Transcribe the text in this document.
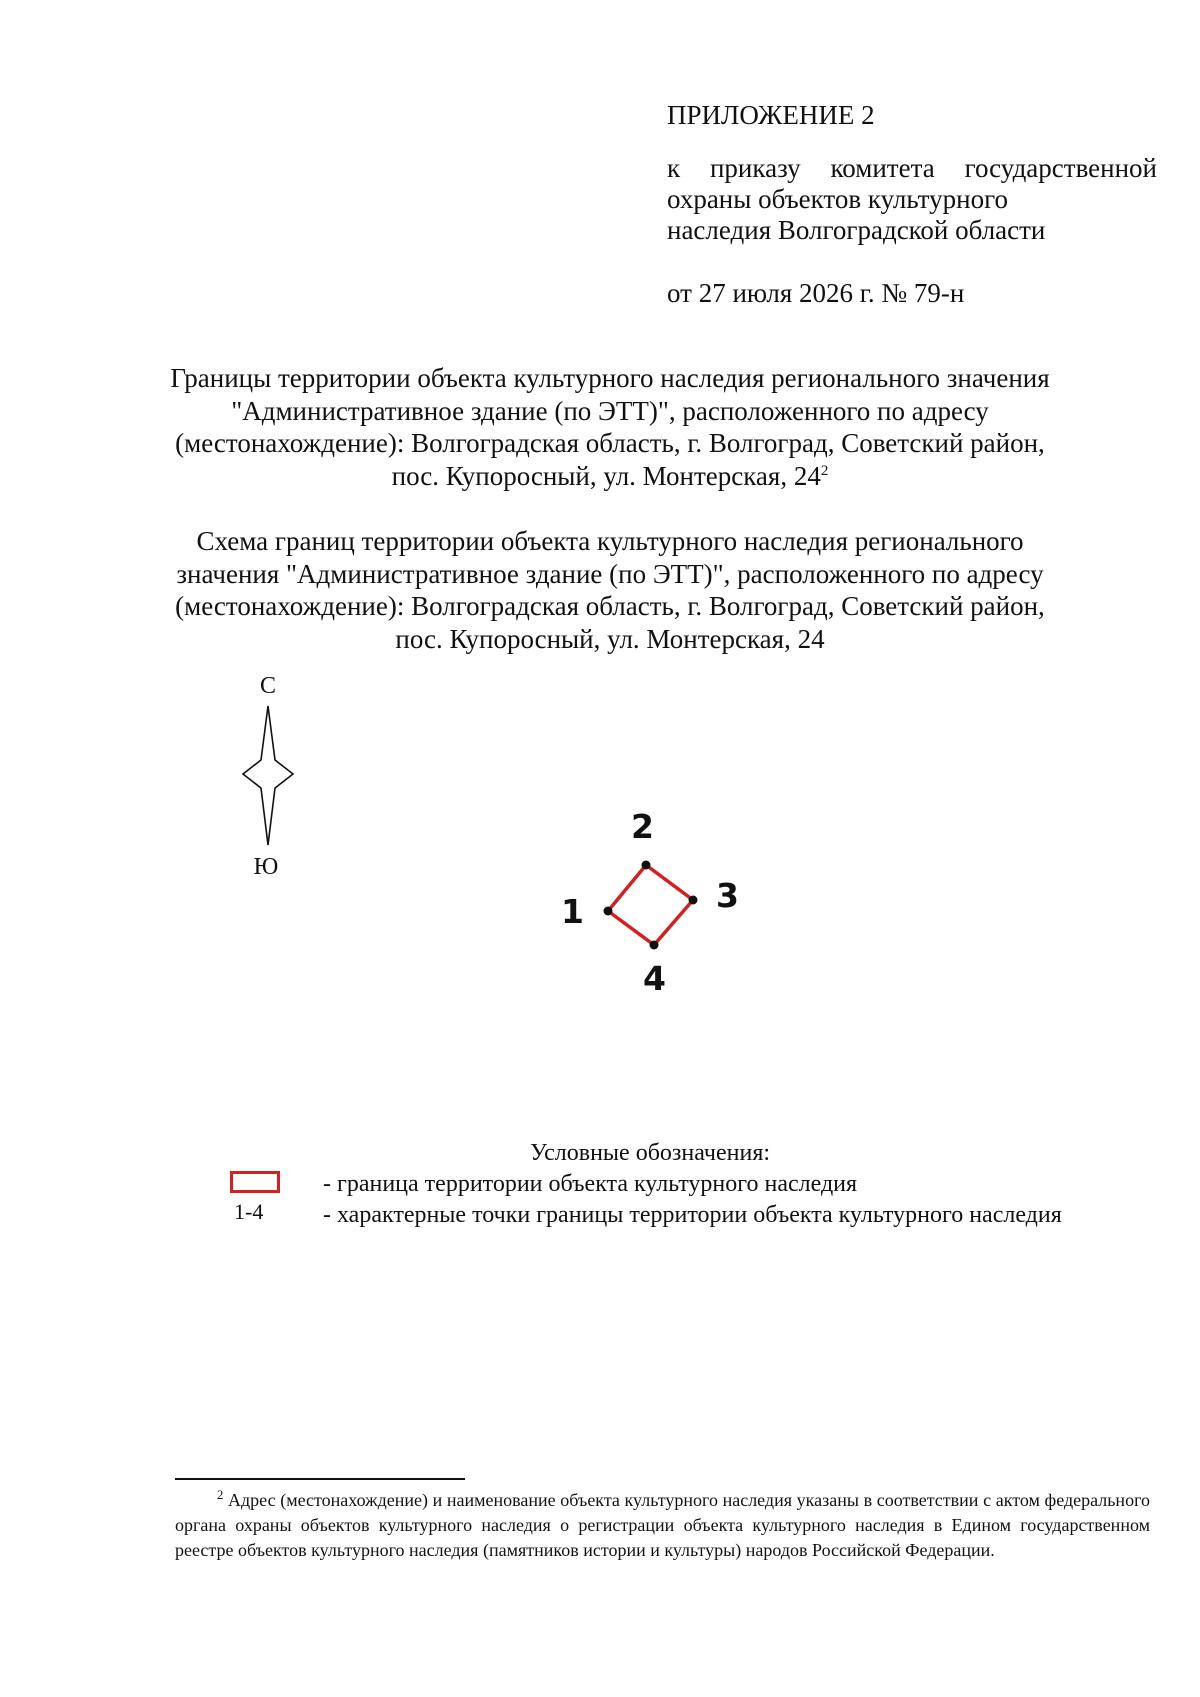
ПРИЛОЖЕНИЕ 2
к приказу комитета государственной
охраны объектов культурного
наследия Волгоградской области
от 27 июля 2026 г. № 79-н
Границы территории объекта культурного наследия регионального значения
"Административное здание (по ЭТТ)", расположенного по адресу
(местонахождение): Волгоградская область, г. Волгоград, Советский район,
пос. Купоросный, ул. Монтерская, $24^2$
Схема границ территории объекта культурного наследия регионального
значения "Административное здание (по ЭТТ)", расположенного по адресу
(местонахождение): Волгоградская область, г. Волгоград, Советский район,
пос. Купоросный, ул. Монтерская, 24
С
Ю
1
2
3
4
Условные обозначения:
- граница территории объекта культурного наследия
1-4 - характерные точки границы территории объекта культурного наследия
$^2$ Адрес (местонахождение) и наименование объекта культурного наследия указаны в соответствии с актом федерального органа охраны объектов культурного наследия о регистрации объекта культурного наследия в Едином государственном реестре объектов культурного наследия (памятников истории и культуры) народов Российской Федерации.
